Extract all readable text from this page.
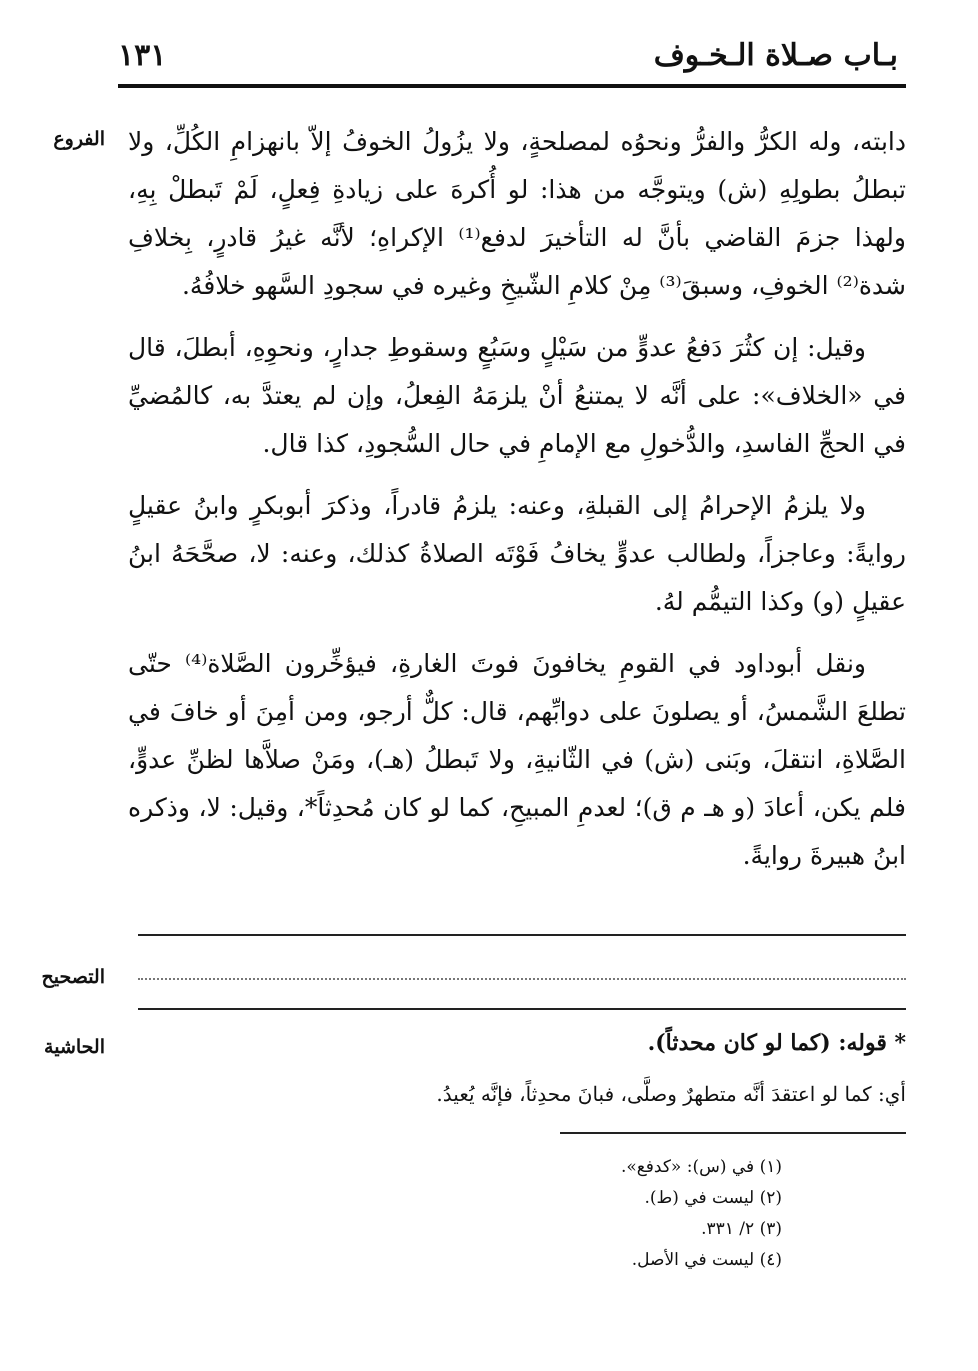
بـاب صـلاة الـخـوف
١٣١
الفروع دابته، وله الكرُّ والفرُّ ونحوُه لمصلحةٍ، ولا يزُولُ الخوفُ إلاّ بانهزامِ الكُلِّ، ولا تبطلُ بطولِهِ (ش) ويتوجَّه من هذا: لو أُكرهَ على زيادةِ فِعلٍ، لَمْ تَبطلْ بِهِ، ولهذا جزمَ القاضي بأنَّ له التأخيرَ لدفع⁽¹⁾ الإكراهِ؛ لأنَّه غيرُ قادرٍ، بِخلافِ شدة⁽²⁾ الخوفِ، وسبقَ⁽³⁾ مِنْ كلامِ الشّيخِ وغيره في سجودِ السَّهو خلافُهُ.

وقيل: إن كثُرَ دَفعُ عدوٍّ من سَيْلٍ وسَبُعٍ وسقوطِ جدارٍ، ونحوِهِ، أبطلَ، قال في «الخلاف»: على أنَّه لا يمتنعُ أنْ يلزمَهُ الفِعلُ، وإن لم يعتدَّ به، كالمُضيِّ في الحجِّ الفاسدِ، والدُّخولِ مع الإمامِ في حال السُّجودِ، كذا قال.

ولا يلزمُ الإحرامُ إلى القبلةِ، وعنه: يلزمُ قادراً، وذكرَ أبوبكرٍ وابنُ عقيلٍ روايةً: وعاجزاً، ولطالب عدوٍّ يخافُ فَوْتَه الصلاةُ كذلك، وعنه: لا، صحَّحَهُ ابنُ عقيلٍ (و) وكذا التيمُّم لهُ.

ونقل أبوداود في القومِ يخافونَ فوتَ الغارةِ، فيؤخِّرون الصَّلاة⁽⁴⁾ حتّى تطلعَ الشَّمسُ، أو يصلونَ على دوابِّهم، قال: كلٌّ أرجو، ومن أمِنَ أو خافَ في الصَّلاةِ، انتقلَ، وبَنى (ش) في الثّانيةِ، ولا تَبطلُ (هـ)، ومَنْ صلاَّها لظنِّ عدوٍّ، فلم يكن، أعادَ (و هـ م ق)؛ لعدمِ المبيحِ، كما لو كان مُحدِثاً*، وقيل: لا، وذكره ابنُ هبيرةَ روايةً.

التصحيح
الحاشية	* قوله: (كما لو كان محدثاً).
أي: كما لو اعتقدَ أنَّه متطهرٌ وصلَّى، فبانَ محدِثاً، فإنَّه يُعيدُ.
(١) في (س): «كدفع».
(٢) ليست في (ط).
(٣) ٢/ ٣٣١.
(٤) ليست في الأصل.
